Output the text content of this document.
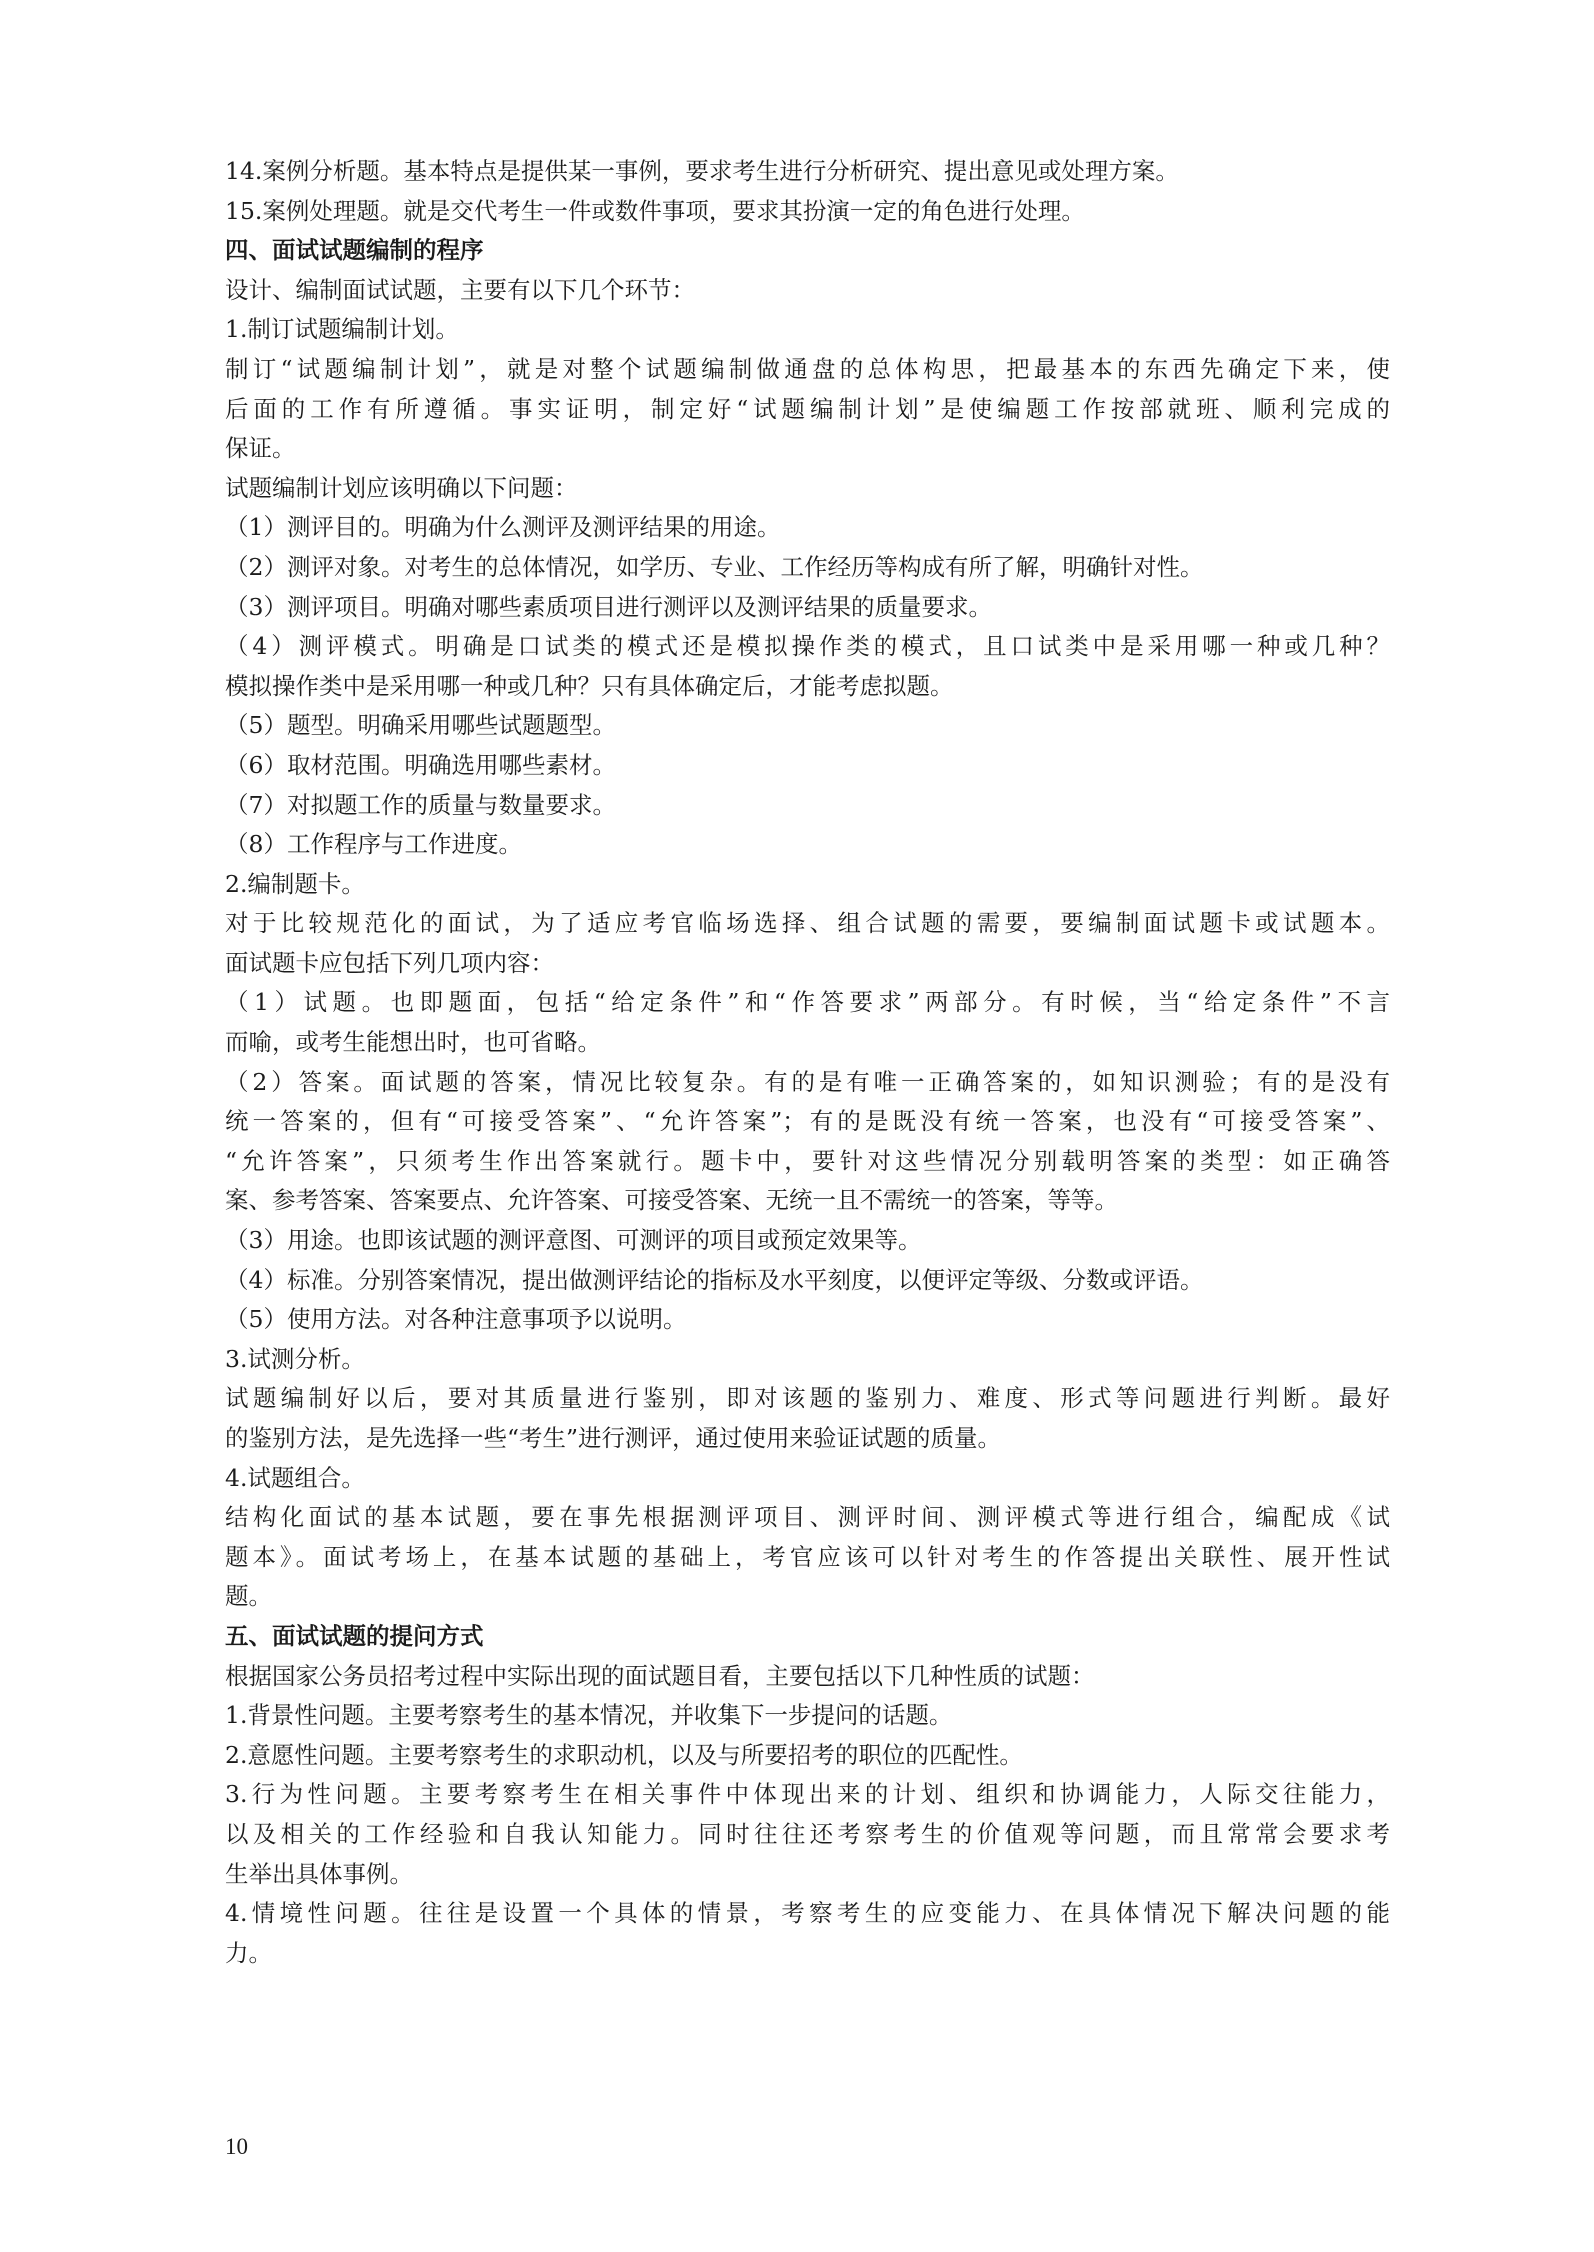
14.案例分析题。基本特点是提供某一事例，要求考生进行分析研究、提出意见或处理方案。
15.案例处理题。就是交代考生一件或数件事项，要求其扮演一定的角色进行处理。
四、面试试题编制的程序
设计、编制面试试题，主要有以下几个环节：
1.制订试题编制计划。
制订“试题编制计划”，就是对整个试题编制做通盘的总体构思，把最基本的东西先确定下来，使
后面的工作有所遵循。事实证明，制定好“试题编制计划”是使编题工作按部就班、顺利完成的
保证。
试题编制计划应该明确以下问题：
（1）测评目的。明确为什么测评及测评结果的用途。
（2）测评对象。对考生的总体情况，如学历、专业、工作经历等构成有所了解，明确针对性。
（3）测评项目。明确对哪些素质项目进行测评以及测评结果的质量要求。
（4）测评模式。明确是口试类的模式还是模拟操作类的模式，且口试类中是采用哪一种或几种？
模拟操作类中是采用哪一种或几种？只有具体确定后，才能考虑拟题。
（5）题型。明确采用哪些试题题型。
（6）取材范围。明确选用哪些素材。
（7）对拟题工作的质量与数量要求。
（8）工作程序与工作进度。
2.编制题卡。
对于比较规范化的面试，为了适应考官临场选择、组合试题的需要，要编制面试题卡或试题本。
面试题卡应包括下列几项内容：
（1）试题。也即题面，包括“给定条件”和“作答要求”两部分。有时候，当“给定条件”不言
而喻，或考生能想出时，也可省略。
（2）答案。面试题的答案，情况比较复杂。有的是有唯一正确答案的，如知识测验；有的是没有
统一答案的，但有“可接受答案”、“允许答案”；有的是既没有统一答案，也没有“可接受答案”、
“允许答案”，只须考生作出答案就行。题卡中，要针对这些情况分别载明答案的类型：如正确答
案、参考答案、答案要点、允许答案、可接受答案、无统一且不需统一的答案，等等。
（3）用途。也即该试题的测评意图、可测评的项目或预定效果等。
（4）标准。分别答案情况，提出做测评结论的指标及水平刻度，以便评定等级、分数或评语。
（5）使用方法。对各种注意事项予以说明。
3.试测分析。
试题编制好以后，要对其质量进行鉴别，即对该题的鉴别力、难度、形式等问题进行判断。最好
的鉴别方法，是先选择一些“考生”进行测评，通过使用来验证试题的质量。
4.试题组合。
结构化面试的基本试题，要在事先根据测评项目、测评时间、测评模式等进行组合，编配成《试
题本》。面试考场上，在基本试题的基础上，考官应该可以针对考生的作答提出关联性、展开性试
题。
五、面试试题的提问方式
根据国家公务员招考过程中实际出现的面试题目看，主要包括以下几种性质的试题：
1.背景性问题。主要考察考生的基本情况，并收集下一步提问的话题。
2.意愿性问题。主要考察考生的求职动机，以及与所要招考的职位的匹配性。
3.行为性问题。主要考察考生在相关事件中体现出来的计划、组织和协调能力，人际交往能力，
以及相关的工作经验和自我认知能力。同时往往还考察考生的价值观等问题，而且常常会要求考
生举出具体事例。
4.情境性问题。往往是设置一个具体的情景，考察考生的应变能力、在具体情况下解决问题的能
力。
10
